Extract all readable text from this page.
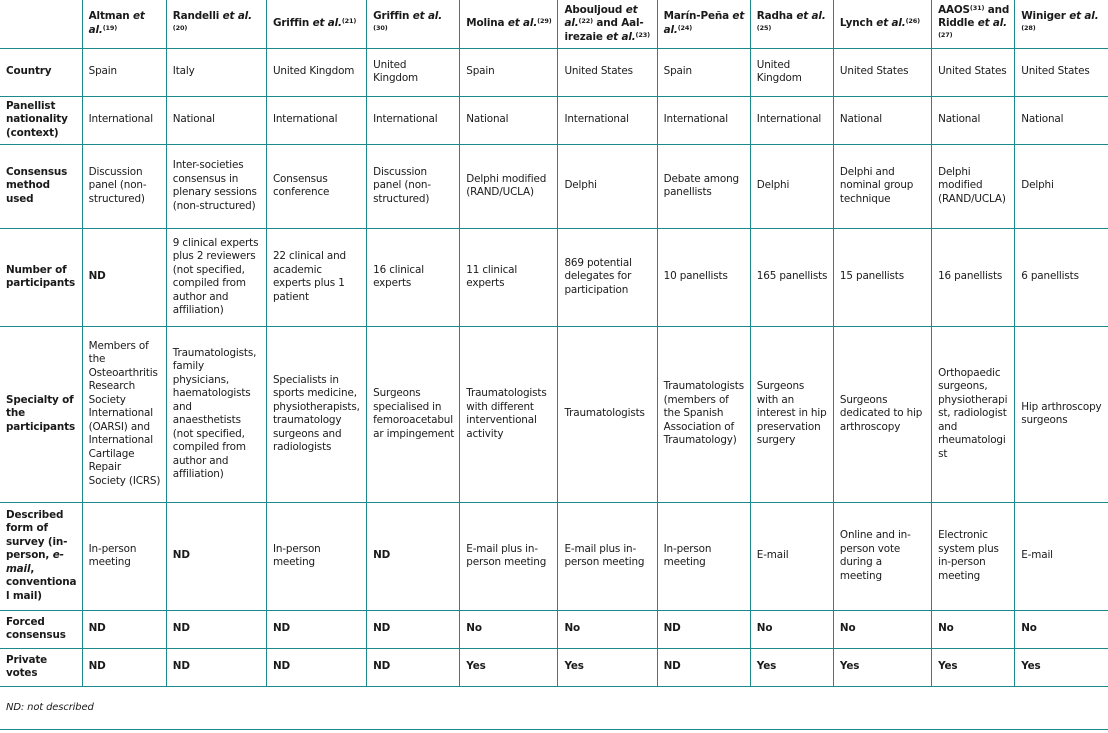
	Altman et al.$^{(19)}$	Randelli et al.$^{(20)}$	Griffin et al.$^{(21)}$	Griffin et al.$^{(30)}$	Molina et al.$^{(29)}$	Abouljoud et al.$^{(22)}$ and Aal-irezaie et al.$^{(23)}$	Marín-Peña et al.$^{(24)}$	Radha et al.$^{(25)}$	Lynch et al.$^{(26)}$	AAOS$^{(31)}$ and Riddle et al.$^{(27)}$	Winiger et al.$^{(28)}$
Country	Spain	Italy	United Kingdom	United Kingdom	Spain	United States	Spain	United Kingdom	United States	United States	United States
Panellist nationality (context)	International	National	International	International	National	International	International	International	National	National	National
Consensus method used	Discussion panel (non-structured)	Inter-societies consensus in plenary sessions (non-structured)	Consensus conference	Discussion panel (non-structured)	Delphi modified (RAND/UCLA)	Delphi	Debate among panellists	Delphi	Delphi and nominal group technique	Delphi modified (RAND/UCLA)	Delphi
Number of participants	ND	9 clinical experts plus 2 reviewers (not specified, compiled from author and affiliation)	22 clinical and academic experts plus 1 patient	16 clinical experts	11 clinical experts	869 potential delegates for participation	10 panellists	165 panellists	15 panellists	16 panellists	6 panellists
Specialty of the participants	Members of the Osteoarthritis Research Society International (OARSI) and International Cartilage Repair Society (ICRS)	Traumatologists, family physicians, haematologists and anaesthetists (not specified, compiled from author and affiliation)	Specialists in sports medicine, physiotherapists, traumatology surgeons and radiologists	Surgeons specialised in femoroacetabular impingement	Traumatologists with different interventional activity	Traumatologists	Traumatologists (members of the Spanish Association of Traumatology)	Surgeons with an interest in hip preservation surgery	Surgeons dedicated to hip arthroscopy	Orthopaedic surgeons, physiotherapist, radiologist and rheumatologist	Hip arthroscopy surgeons
Described form of survey (in-person, e-mail, conventional mail)	In-person meeting	ND	In-person meeting	ND	E-mail plus in-person meeting	E-mail plus in-person meeting	In-person meeting	E-mail	Online and in-person vote during a meeting	Electronic system plus in-person meeting	E-mail
Forced consensus	ND	ND	ND	ND	No	No	ND	No	No	No	No
Private votes	ND	ND	ND	ND	Yes	Yes	ND	Yes	Yes	Yes	Yes
ND: not described											
